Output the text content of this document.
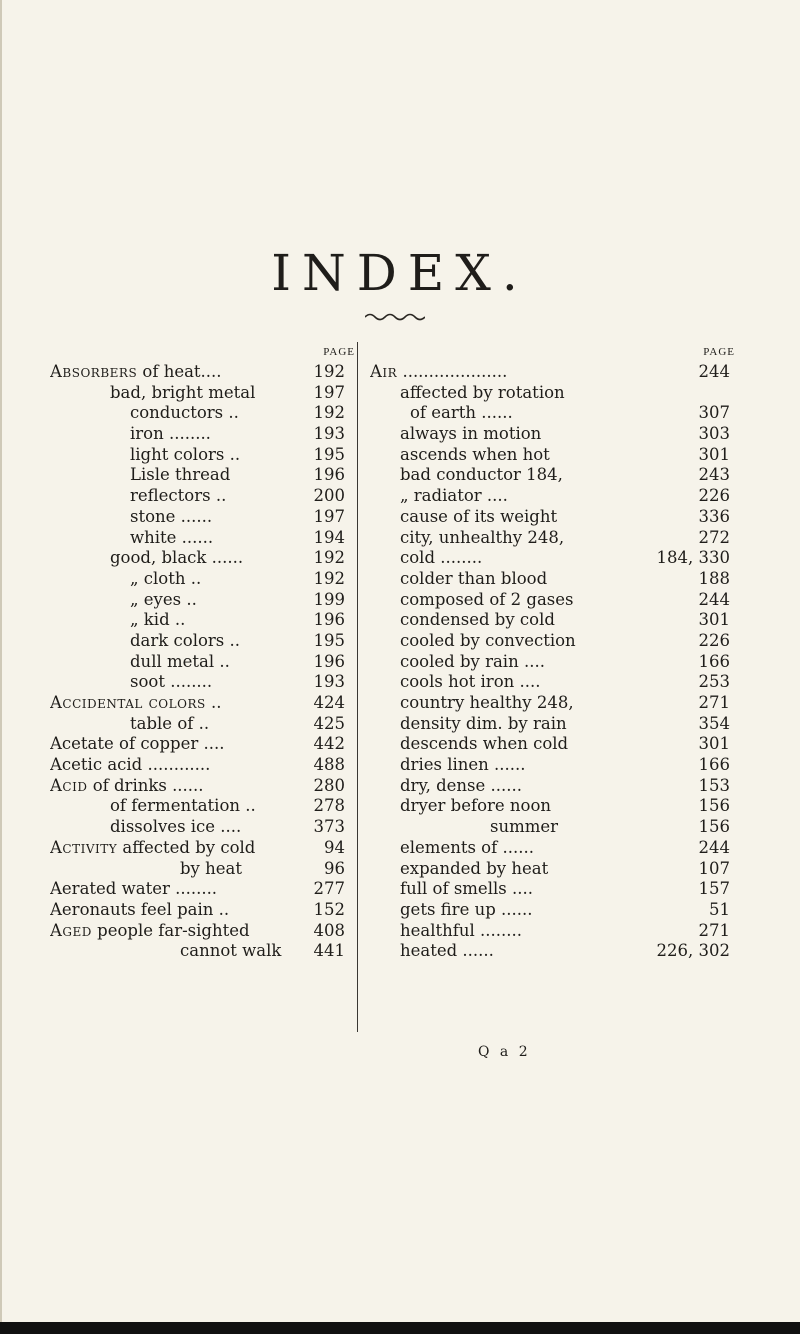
INDEX.
PAGE
Absorbers of heat....	192
bad, bright metal	197
conductors ..	192
iron ........	193
light colors ..	195
Lisle thread	196
reflectors ..	200
stone ......	197
white ......	194
good, black ......	192
„ cloth ..	192
„ eyes ..	199
„ kid ..	196
dark colors ..	195
dull metal ..	196
soot ........	193
Accidental colors ..	424
table of ..	425
Acetate of copper ....	442
Acetic acid ............	488
Acid of drinks ......	280
of fermentation ..	278
dissolves ice ....	373
Activity affected by cold	94
by heat	96
Aerated water ........	277
Aeronauts feel pain ..	152
Aged people far-sighted	408
cannot walk	441
PAGE
Air ....................	244
affected by rotation
of earth ......	307
always in motion	303
ascends when hot	301
bad conductor 184,	243
„ radiator ....	226
cause of its weight	336
city, unhealthy 248,	272
cold ........	184, 330
colder than blood	188
composed of 2 gases	244
condensed by cold	301
cooled by convection	226
cooled by rain ....	166
cools hot iron ....	253
country healthy 248,	271
density dim. by rain	354
descends when cold	301
dries linen ......	166
dry, dense ......	153
dryer before noon	156
summer	156
elements of ......	244
expanded by heat	107
full of smells ....	157
gets fire up ......	51
healthful ........	271
heated ......	226, 302
Q a 2
